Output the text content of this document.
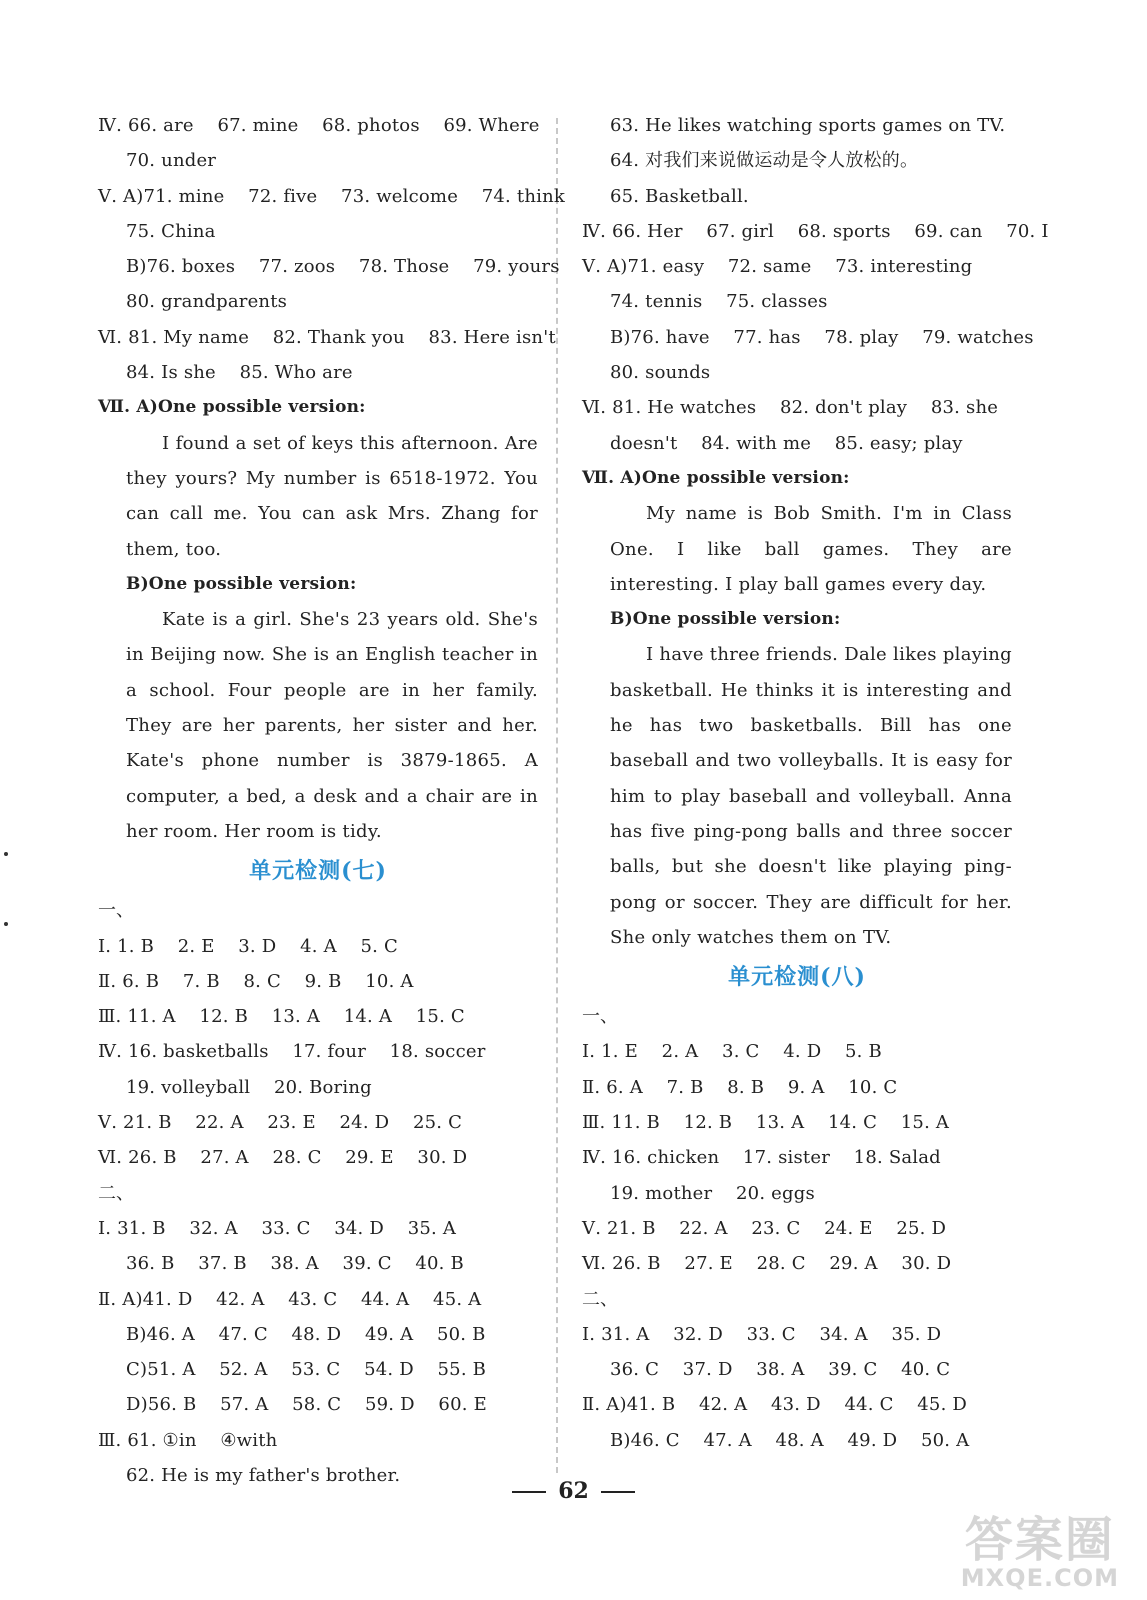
Ⅳ. 66. are    67. mine    68. photos    69. Where
70. under
Ⅴ. A)71. mine    72. five    73. welcome    74. think
75. China
B)76. boxes    77. zoos    78. Those    79. yours
80. grandparents
Ⅵ. 81. My name    82. Thank you    83. Here isn't
84. Is she    85. Who are
Ⅶ. A)One possible version:
I found a set of keys this afternoon. Are they yours? My number is 6518-1972. You can call me. You can ask Mrs. Zhang for them, too.
B)One possible version:
Kate is a girl. She's 23 years old. She's in Beijing now. She is an English teacher in a school. Four people are in her family. They are her parents, her sister and her. Kate's phone number is 3879-1865. A computer, a bed, a desk and a chair are in her room. Her room is tidy.
单元检测(七)
一、
Ⅰ. 1. B    2. E    3. D    4. A    5. C
Ⅱ. 6. B    7. B    8. C    9. B    10. A
Ⅲ. 11. A    12. B    13. A    14. A    15. C
Ⅳ. 16. basketballs    17. four    18. soccer
19. volleyball    20. Boring
Ⅴ. 21. B    22. A    23. E    24. D    25. C
Ⅵ. 26. B    27. A    28. C    29. E    30. D
二、
Ⅰ. 31. B    32. A    33. C    34. D    35. A
36. B    37. B    38. A    39. C    40. B
Ⅱ. A)41. D    42. A    43. C    44. A    45. A
B)46. A    47. C    48. D    49. A    50. B
C)51. A    52. A    53. C    54. D    55. B
D)56. B    57. A    58. C    59. D    60. E
Ⅲ. 61. ①in    ④with
62. He is my father's brother.
63. He likes watching sports games on TV.
64. 对我们来说做运动是令人放松的。
65. Basketball.
Ⅳ. 66. Her    67. girl    68. sports    69. can    70. I
Ⅴ. A)71. easy    72. same    73. interesting
74. tennis    75. classes
B)76. have    77. has    78. play    79. watches
80. sounds
Ⅵ. 81. He watches    82. don't play    83. she
doesn't    84. with me    85. easy; play
Ⅶ. A)One possible version:
My name is Bob Smith. I'm in Class One. I like ball games. They are interesting. I play ball games every day.
B)One possible version:
I have three friends. Dale likes playing basketball. He thinks it is interesting and he has two basketballs. Bill has one baseball and two volleyballs. It is easy for him to play baseball and volleyball. Anna has five ping-pong balls and three soccer balls, but she doesn't like playing ping-pong or soccer. They are difficult for her. She only watches them on TV.
单元检测(八)
一、
Ⅰ. 1. E    2. A    3. C    4. D    5. B
Ⅱ. 6. A    7. B    8. B    9. A    10. C
Ⅲ. 11. B    12. B    13. A    14. C    15. A
Ⅳ. 16. chicken    17. sister    18. Salad
19. mother    20. eggs
Ⅴ. 21. B    22. A    23. C    24. E    25. D
Ⅵ. 26. B    27. E    28. C    29. A    30. D
二、
Ⅰ. 31. A    32. D    33. C    34. A    35. D
36. C    37. D    38. A    39. C    40. C
Ⅱ. A)41. B    42. A    43. D    44. C    45. D
B)46. C    47. A    48. A    49. D    50. A
62
答案圈
MXQE.COM
